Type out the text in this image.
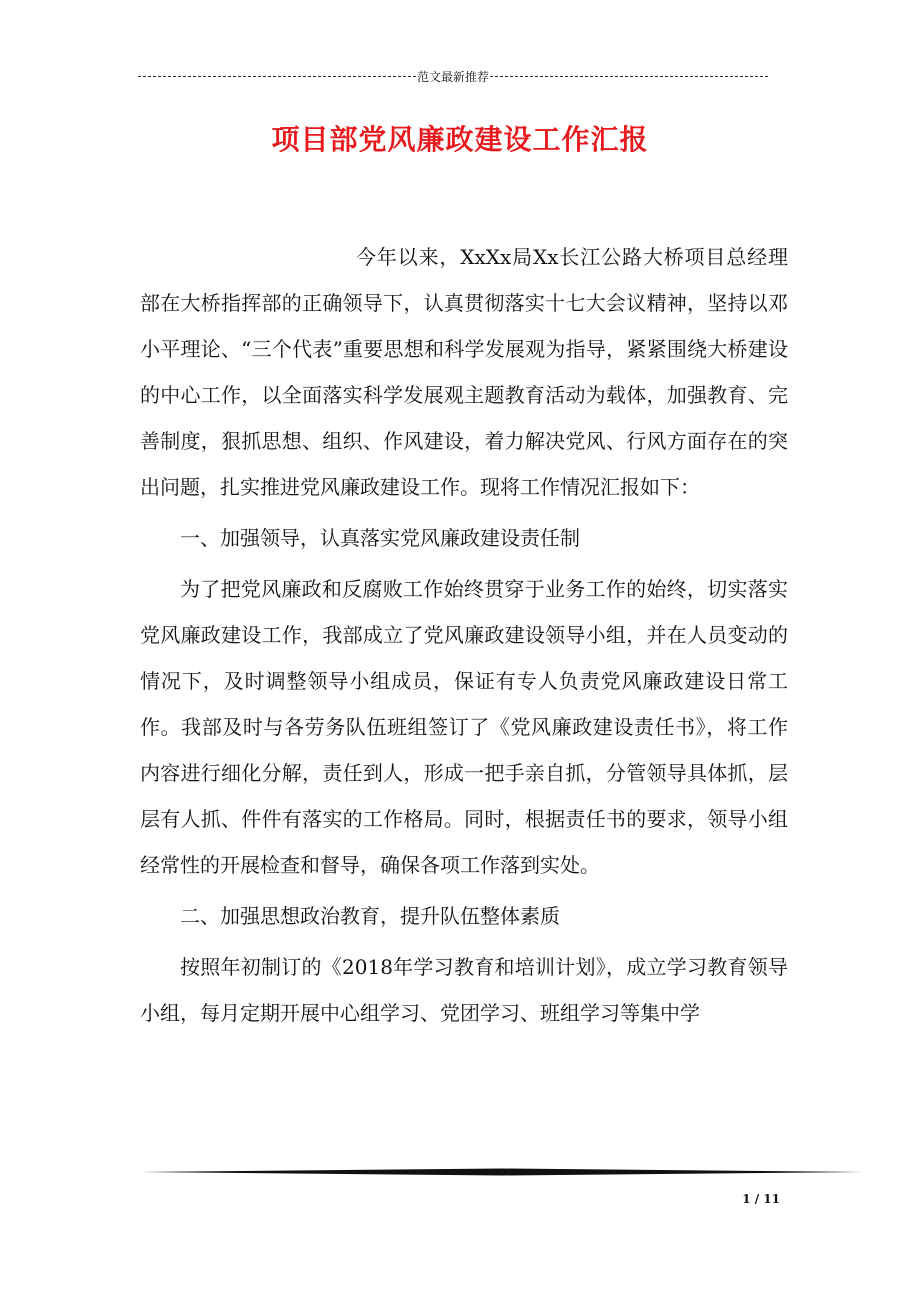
范文最新推荐
项目部党风廉政建设工作汇报

今年以来，XxXx局Xx长江公路大桥项目总经理部在大桥指挥部的正确领导下，认真贯彻落实十七大会议精神，坚持以邓小平理论、“三个代表”重要思想和科学发展观为指导，紧紧围绕大桥建设的中心工作，以全面落实科学发展观主题教育活动为载体，加强教育、完善制度，狠抓思想、组织、作风建设，着力解决党风、行风方面存在的突出问题，扎实推进党风廉政建设工作。现将工作情况汇报如下：

一、加强领导，认真落实党风廉政建设责任制

为了把党风廉政和反腐败工作始终贯穿于业务工作的始终，切实落实党风廉政建设工作，我部成立了党风廉政建设领导小组，并在人员变动的情况下，及时调整领导小组成员，保证有专人负责党风廉政建设日常工作。我部及时与各劳务队伍班组签订了《党风廉政建设责任书》，将工作内容进行细化分解，责任到人，形成一把手亲自抓，分管领导具体抓，层层有人抓、件件有落实的工作格局。同时，根据责任书的要求，领导小组经常性的开展检查和督导，确保各项工作落到实处。

二、加强思想政治教育，提升队伍整体素质

按照年初制订的《2018年学习教育和培训计划》，成立学习教育领导小组，每月定期开展中心组学习、党团学习、班组学习等集中学

1 / 11
